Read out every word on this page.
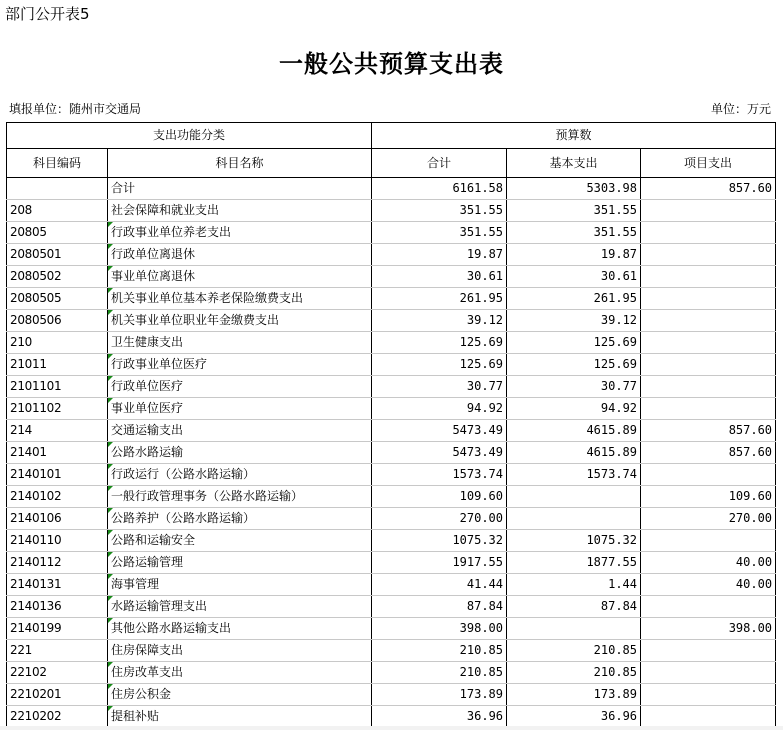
部门公开表5
一般公共预算支出表
填报单位：随州市交通局	单位：万元
支出功能分类		预算数		
科目编码	科目名称	合计	基本支出	项目支出
	合计	6161.58	5303.98	857.60
208	社会保障和就业支出	351.55	351.55	
20805	行政事业单位养老支出	351.55	351.55	
2080501	行政单位离退休	19.87	19.87	
2080502	事业单位离退休	30.61	30.61	
2080505	机关事业单位基本养老保险缴费支出	261.95	261.95	
2080506	机关事业单位职业年金缴费支出	39.12	39.12	
210	卫生健康支出	125.69	125.69	
21011	行政事业单位医疗	125.69	125.69	
2101101	行政单位医疗	30.77	30.77	
2101102	事业单位医疗	94.92	94.92	
214	交通运输支出	5473.49	4615.89	857.60
21401	公路水路运输	5473.49	4615.89	857.60
2140101	行政运行（公路水路运输）	1573.74	1573.74	
2140102	一般行政管理事务（公路水路运输）	109.60		109.60
2140106	公路养护（公路水路运输）	270.00		270.00
2140110	公路和运输安全	1075.32	1075.32	
2140112	公路运输管理	1917.55	1877.55	40.00
2140131	海事管理	41.44	1.44	40.00
2140136	水路运输管理支出	87.84	87.84	
2140199	其他公路水路运输支出	398.00		398.00
221	住房保障支出	210.85	210.85	
22102	住房改革支出	210.85	210.85	
2210201	住房公积金	173.89	173.89	
2210202	提租补贴	36.96	36.96	
